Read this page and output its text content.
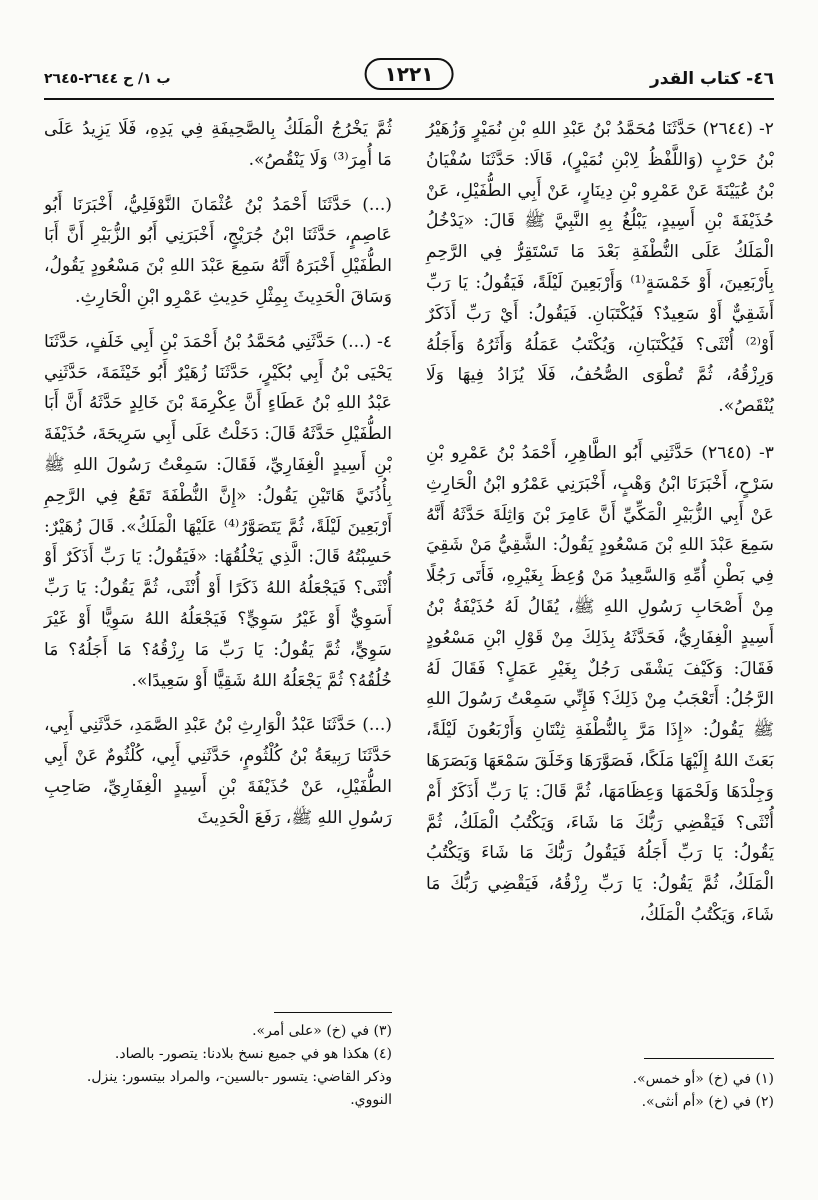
٤٦- كتاب القدر
١٢٢١
ب ١/ ح ٢٦٤٤-٢٦٤٥

٢- (٢٦٤٤) حَدَّثَنَا مُحَمَّدُ بْنُ عَبْدِ اللهِ بْنِ نُمَيْرٍ وَزُهَيْرُ بْنُ حَرْبٍ (وَاللَّفْظُ لِابْنِ نُمَيْرٍ)، قَالَا: حَدَّثَنَا سُفْيَانُ بْنُ عُيَيْنَةَ عَنْ عَمْرِو بْنِ دِينَارٍ، عَنْ أَبِي الطُّفَيْلِ، عَنْ حُذَيْفَةَ بْنِ أَسِيدٍ، يَبْلُغُ بِهِ النَّبِيَّ ﷺ قَالَ: «يَدْخُلُ الْمَلَكُ عَلَى النُّطْفَةِ بَعْدَ مَا تَسْتَقِرُّ فِي الرَّحِمِ بِأَرْبَعِينَ، أَوْ خَمْسَةٍ⁽¹⁾ وَأَرْبَعِينَ لَيْلَةً، فَيَقُولُ: يَا رَبِّ أَشَقِيٌّ أَوْ سَعِيدٌ؟ فَيُكْتَبَانِ. فَيَقُولُ: أَيْ رَبِّ أَذَكَرٌ أَوْ⁽²⁾ أُنْثَى؟ فَيُكْتَبَانِ، وَيُكْتَبُ عَمَلُهُ وَأَثَرُهُ وَأَجَلُهُ وَرِزْقُهُ، ثُمَّ تُطْوَى الصُّحُفُ، فَلَا يُزَادُ فِيهَا وَلَا يُنْقَصُ».

٣- (٢٦٤٥) حَدَّثَنِي أَبُو الطَّاهِرِ، أَحْمَدُ بْنُ عَمْرِو بْنِ سَرْحٍ، أَخْبَرَنَا ابْنُ وَهْبٍ، أَخْبَرَنِي عَمْرُو ابْنُ الْحَارِثِ عَنْ أَبِي الزُّبَيْرِ الْمَكِّيِّ أَنَّ عَامِرَ بْنَ وَاثِلَةَ حَدَّثَهُ أَنَّهُ سَمِعَ عَبْدَ اللهِ بْنَ مَسْعُودٍ يَقُولُ: الشَّقِيُّ مَنْ شَقِيَ فِي بَطْنِ أُمِّهِ وَالسَّعِيدُ مَنْ وُعِظَ بِغَيْرِهِ، فَأَتَى رَجُلًا مِنْ أَصْحَابِ رَسُولِ اللهِ ﷺ، يُقَالُ لَهُ حُذَيْفَةُ بْنُ أَسِيدٍ الْغِفَارِيُّ، فَحَدَّثَهُ بِذَلِكَ مِنْ قَوْلِ ابْنِ مَسْعُودٍ فَقَالَ: وَكَيْفَ يَشْقَى رَجُلٌ بِغَيْرِ عَمَلٍ؟ فَقَالَ لَهُ الرَّجُلُ: أَتَعْجَبُ مِنْ ذَلِكَ؟ فَإِنِّي سَمِعْتُ رَسُولَ اللهِ ﷺ يَقُولُ: «إِذَا مَرَّ بِالنُّطْفَةِ ثِنْتَانِ وَأَرْبَعُونَ لَيْلَةً، بَعَثَ اللهُ إِلَيْهَا مَلَكًا، فَصَوَّرَهَا وَخَلَقَ سَمْعَهَا وَبَصَرَهَا وَجِلْدَهَا وَلَحْمَهَا وَعِظَامَهَا، ثُمَّ قَالَ: يَا رَبِّ أَذَكَرٌ أَمْ أُنْثَى؟ فَيَقْضِي رَبُّكَ مَا شَاءَ، وَيَكْتُبُ الْمَلَكُ، ثُمَّ يَقُولُ: يَا رَبِّ أَجَلُهُ فَيَقُولُ رَبُّكَ مَا شَاءَ وَيَكْتُبُ الْمَلَكُ، ثُمَّ يَقُولُ: يَا رَبِّ رِزْقُهُ، فَيَقْضِي رَبُّكَ مَا شَاءَ، وَيَكْتُبُ الْمَلَكُ،

ثُمَّ يَخْرُجُ الْمَلَكُ بِالصَّحِيفَةِ فِي يَدِهِ، فَلَا يَزِيدُ عَلَى مَا أُمِرَ⁽³⁾ وَلَا يَنْقُصُ».

(...) حَدَّثَنَا أَحْمَدُ بْنُ عُثْمَانَ النَّوْفَلِيُّ، أَخْبَرَنَا أَبُو عَاصِمٍ، حَدَّثَنَا ابْنُ جُرَيْجٍ، أَخْبَرَنِي أَبُو الزُّبَيْرِ أَنَّ أَبَا الطُّفَيْلِ أَخْبَرَهُ أَنَّهُ سَمِعَ عَبْدَ اللهِ بْنَ مَسْعُودٍ يَقُولُ، وَسَاقَ الْحَدِيثَ بِمِثْلِ حَدِيثِ عَمْرِو ابْنِ الْحَارِثِ.

٤- (...) حَدَّثَنِي مُحَمَّدُ بْنُ أَحْمَدَ بْنِ أَبِي خَلَفٍ، حَدَّثَنَا يَحْيَى بْنُ أَبِي بُكَيْرٍ، حَدَّثَنَا زُهَيْرٌ أَبُو خَيْثَمَةَ، حَدَّثَنِي عَبْدُ اللهِ بْنُ عَطَاءٍ أَنَّ عِكْرِمَةَ بْنَ خَالِدٍ حَدَّثَهُ أَنَّ أَبَا الطُّفَيْلِ حَدَّثَهُ قَالَ: دَخَلْتُ عَلَى أَبِي سَرِيحَةَ، حُذَيْفَةَ بْنِ أَسِيدٍ الْغِفَارِيِّ، فَقَالَ: سَمِعْتُ رَسُولَ اللهِ ﷺ بِأُذُنَيَّ هَاتَيْنِ يَقُولُ: «إِنَّ النُّطْفَةَ تَقَعُ فِي الرَّحِمِ أَرْبَعِينَ لَيْلَةً، ثُمَّ يَتَصَوَّرُ⁽⁴⁾ عَلَيْهَا الْمَلَكُ». قَالَ زُهَيْرٌ: حَسِبْتُهُ قَالَ: الَّذِي يَخْلُقُهَا: «فَيَقُولُ: يَا رَبِّ أَذَكَرٌ أَوْ أُنْثَى؟ فَيَجْعَلُهُ اللهُ ذَكَرًا أَوْ أُنْثَى، ثُمَّ يَقُولُ: يَا رَبِّ أَسَوِيٌّ أَوْ غَيْرُ سَوِيٍّ؟ فَيَجْعَلُهُ اللهُ سَوِيًّا أَوْ غَيْرَ سَوِيٍّ، ثُمَّ يَقُولُ: يَا رَبِّ مَا رِزْقُهُ؟ مَا أَجَلُهُ؟ مَا خُلُقُهُ؟ ثُمَّ يَجْعَلُهُ اللهُ شَقِيًّا أَوْ سَعِيدًا».

(...) حَدَّثَنَا عَبْدُ الْوَارِثِ بْنُ عَبْدِ الصَّمَدِ، حَدَّثَنِي أَبِي، حَدَّثَنَا رَبِيعَةُ بْنُ كُلْثُومٍ، حَدَّثَنِي أَبِي، كُلْثُومٌ عَنْ أَبِي الطُّفَيْلِ، عَنْ حُذَيْفَةَ بْنِ أَسِيدٍ الْغِفَارِيِّ، صَاحِبِ رَسُولِ اللهِ ﷺ، رَفَعَ الْحَدِيثَ

(١) في (خ) «أو خمس».

(٢) في (خ) «أم أنثى».

(٣) في (خ) «على أمر».

(٤) هكذا هو في جميع نسخ بلادنا: يتصور- بالصاد.

وذكر القاضي: يتسور -بالسين-، والمراد بيتسور: ينزل. النووي.
